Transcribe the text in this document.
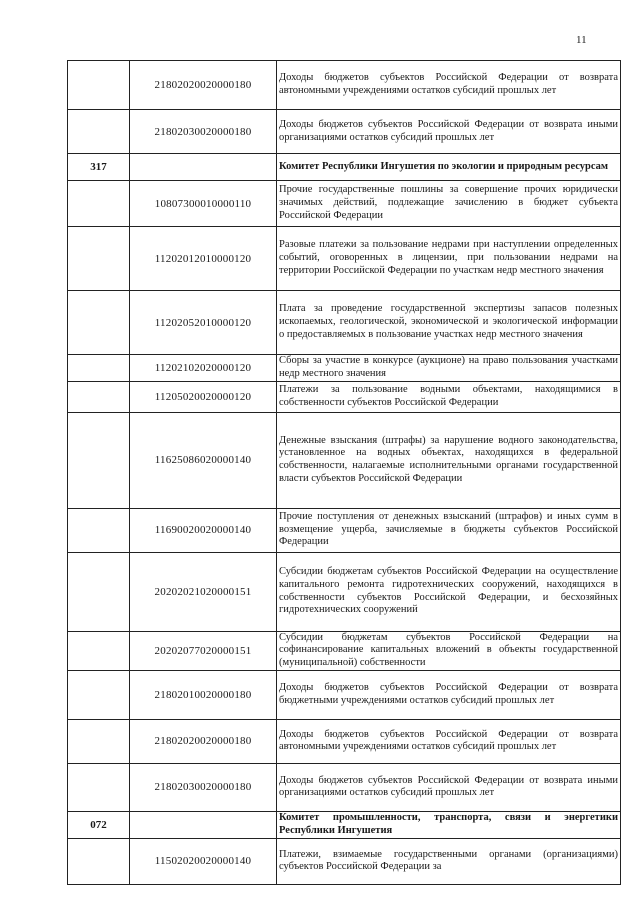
11
	21802020020000180	Доходы бюджетов субъектов Российской Федерации от возврата автономными учреждениями остатков субсидий прошлых лет
	21802030020000180	Доходы бюджетов субъектов Российской Федерации от возврата иными организациями остатков субсидий прошлых лет
317		Комитет Республики Ингушетия по экологии и природным ресурсам
	10807300010000110	Прочие государственные пошлины за совершение прочих юридически значимых действий, подлежащие зачислению в бюджет субъекта Российской Федерации
	11202012010000120	Разовые платежи за пользование недрами при наступлении определенных событий, оговоренных в лицензии, при пользовании недрами на территории Российской Федерации по участкам недр местного значения
	11202052010000120	Плата за проведение государственной экспертизы запасов полезных ископаемых, геологической, экономической и экологической информации о предоставляемых в пользование участках недр местного значения
	11202102020000120	Сборы за участие в конкурсе (аукционе) на право пользования участками недр местного значения
	11205020020000120	Платежи за пользование водными объектами, находящимися в собственности субъектов Российской Федерации
	11625086020000140	Денежные взыскания (штрафы) за нарушение водного законодательства, установленное на водных объектах, находящихся в федеральной собственности, налагаемые исполнительными органами государственной власти субъектов Российской Федерации
	11690020020000140	Прочие поступления от денежных взысканий (штрафов) и иных сумм в возмещение ущерба, зачисляемые в бюджеты субъектов Российской Федерации
	20202021020000151	Субсидии бюджетам субъектов Российской Федерации на осуществление капитального ремонта гидротехнических сооружений, находящихся в собственности субъектов Российской Федерации, и бесхозяйных гидротехнических сооружений
	20202077020000151	Субсидии бюджетам субъектов Российской Федерации на софинансирование капитальных вложений в объекты государственной (муниципальной) собственности
	21802010020000180	Доходы бюджетов субъектов Российской Федерации от возврата бюджетными учреждениями остатков субсидий прошлых лет
	21802020020000180	Доходы бюджетов субъектов Российской Федерации от возврата автономными учреждениями остатков субсидий прошлых лет
	21802030020000180	Доходы бюджетов субъектов Российской Федерации от возврата иными организациями остатков субсидий прошлых лет
072		Комитет промышленности, транспорта, связи и энергетики Республики Ингушетия
	11502020020000140	Платежи, взимаемые государственными органами (организациями) субъектов Российской Федерации за
